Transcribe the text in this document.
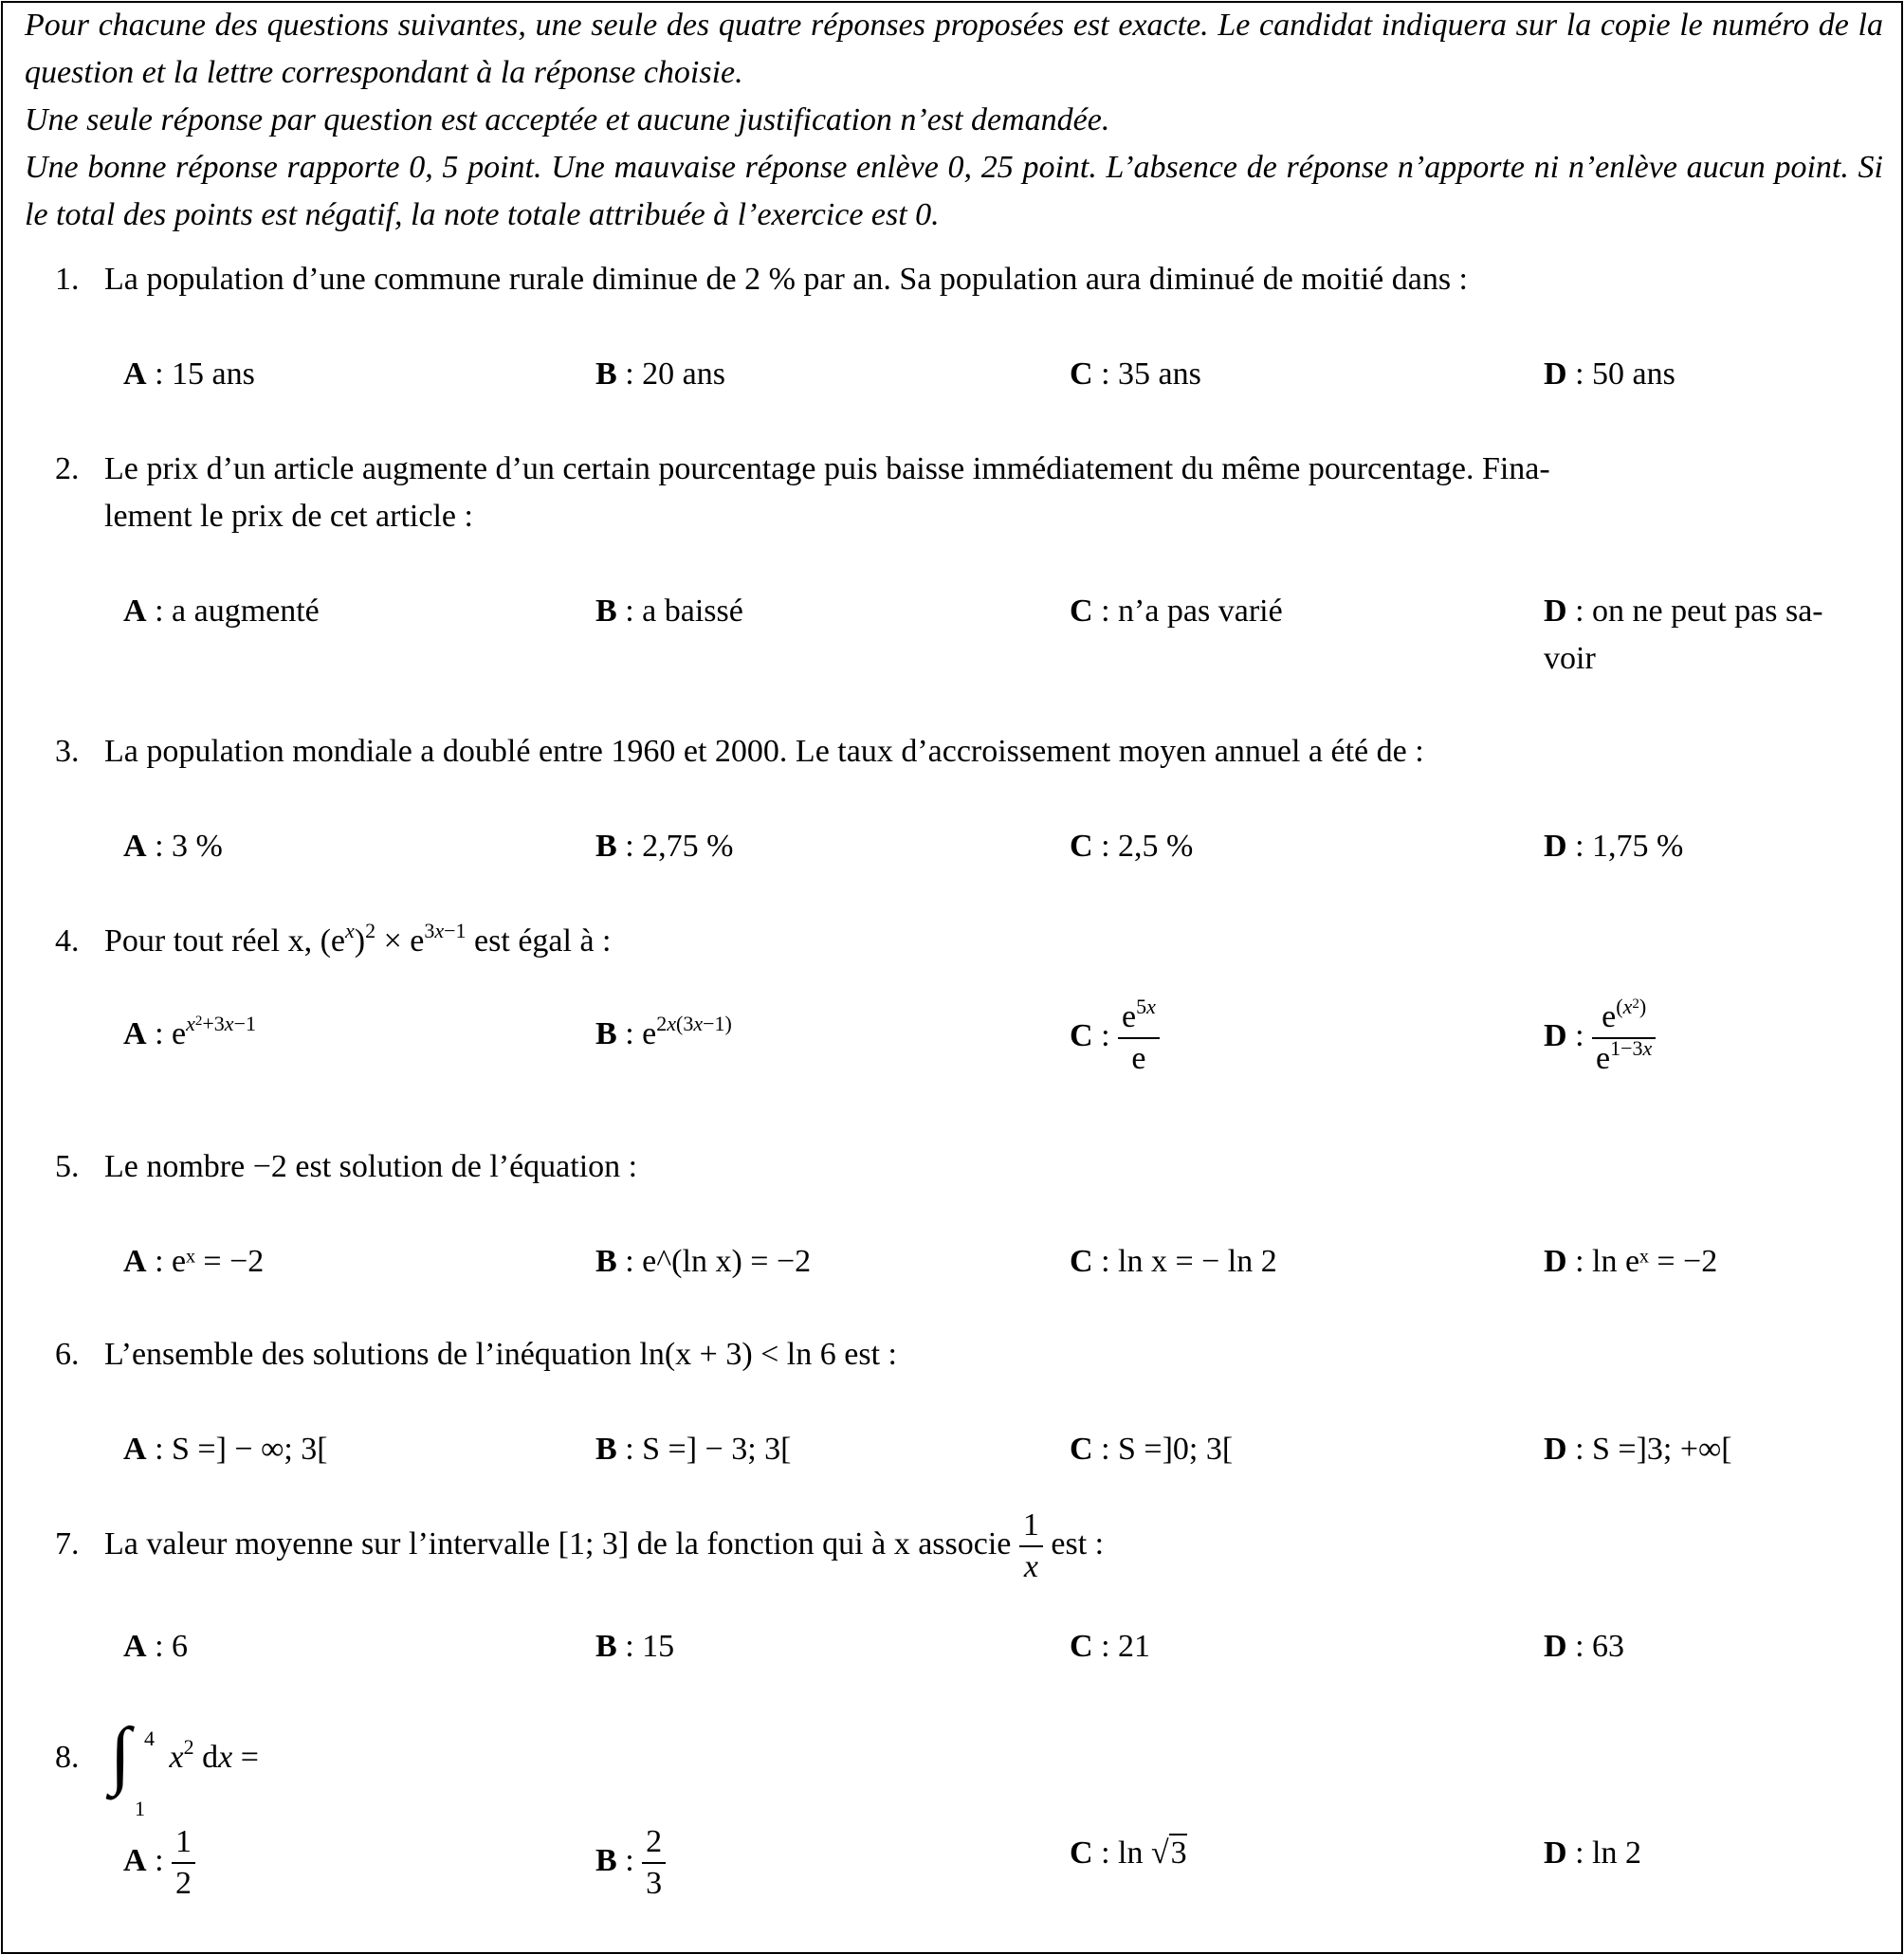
Pour chacune des questions suivantes, une seule des quatre réponses proposées est exacte. Le candidat indiquera sur la copie le numéro de la question et la lettre correspondant à la réponse choisie.

Une seule réponse par question est acceptée et aucune justification n’est demandée.

Une bonne réponse rapporte 0, 5 point. Une mauvaise réponse enlève 0, 25 point. L’absence de réponse n’apporte ni n’enlève aucun point. Si le total des points est négatif, la note totale attribuée à l’exercice est 0.

1. La population d’une commune rurale diminue de 2 % par an. Sa population aura diminué de moitié dans :
A : 15 ans	B : 20 ans	C : 35 ans	D : 50 ans
2. Le prix d’un article augmente d’un certain pourcentage puis baisse immédiatement du même pourcentage. Fina-
lement le prix de cet article :
A : a augmenté	B : a baissé	C : n’a pas varié	D : on ne peut pas sa-
voir
3. La population mondiale a doublé entre 1960 et 2000. Le taux d’accroissement moyen annuel a été de :
A : 3 %	B : 2,75 %	C : 2,5 %	D : 1,75 %
4. Pour tout réel x, $(e^x)^2 \times e^{3x-1}$ est égal à :
A : $e^{x^2+3x-1}$	B : $e^{2x(3x-1)}$	C : $\frac{e^{5x}}{e}$	D : $\frac{e^{(x^2)}}{e^{1-3x}}$
5. Le nombre −2 est solution de l’équation :
A : eˣ = −2	B : e^(ln x) = −2	C : ln x = − ln 2	D : ln eˣ = −2
6. L’ensemble des solutions de l’inéquation ln(x + 3) < ln 6 est :
A : S =] − ∞; 3[	B : S =] − 3; 3[	C : S =]0; 3[	D : S =]3; +∞[
7. La valeur moyenne sur l’intervalle [1; 3] de la fonction qui à x associe $\frac{1}{x}$ est :
A : 6	B : 15	C : 21	D : 63
8. ∫ 4
1
$x^2$ dx =
A : $\frac{1}{2}$	B : $\frac{2}{3}$	C : ln √3	D : ln 2
